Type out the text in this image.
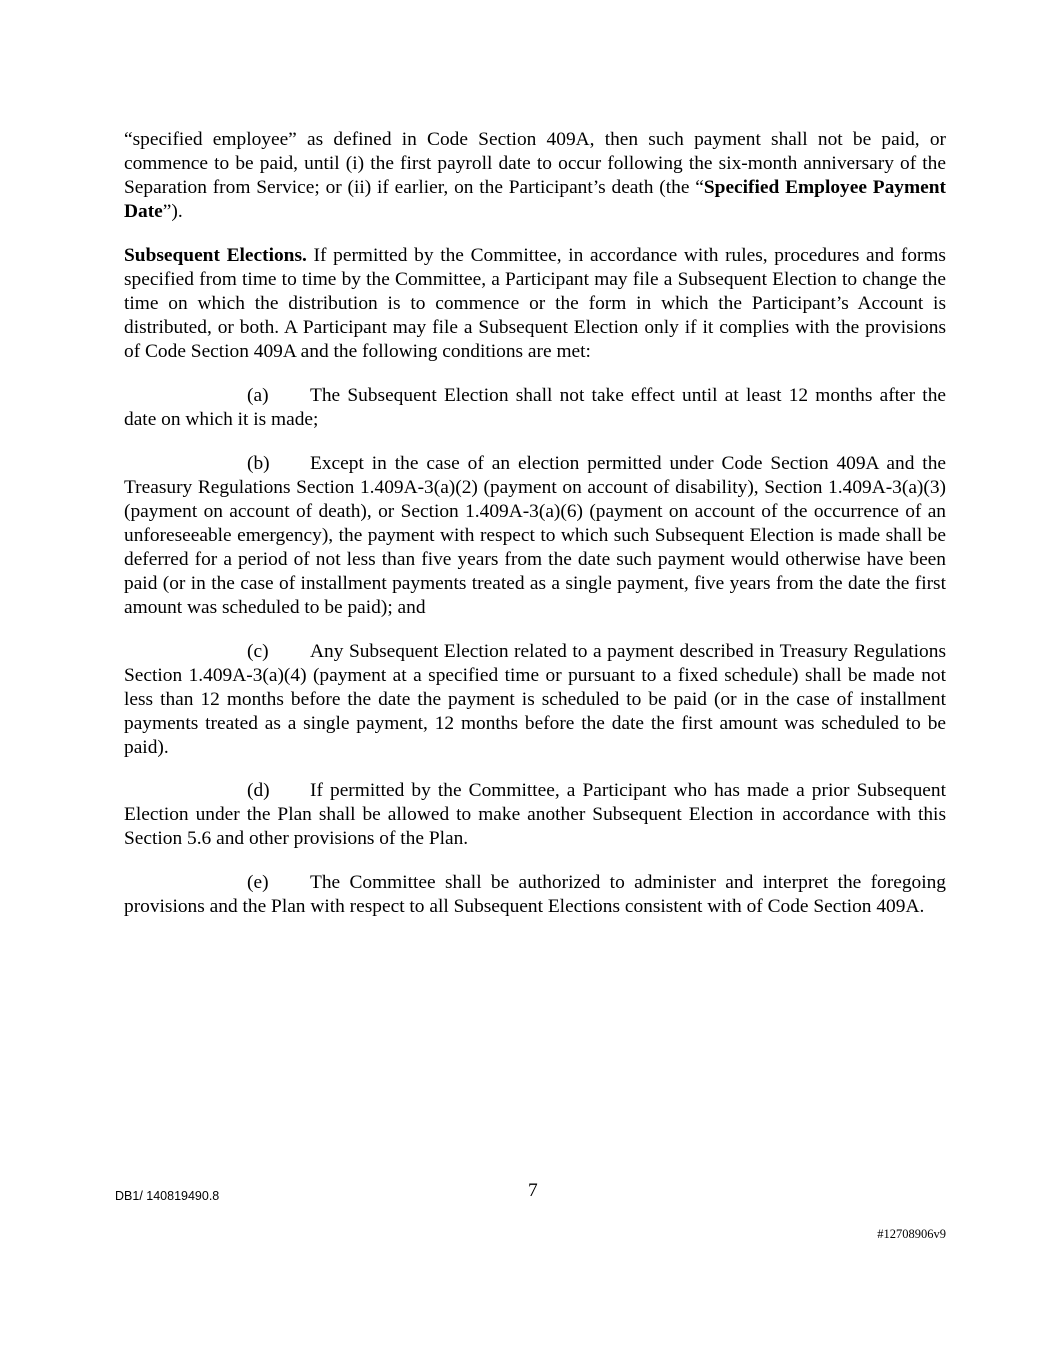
“specified employee” as defined in Code Section 409A, then such payment shall not be paid, or commence to be paid, until (i) the first payroll date to occur following the six-month anniversary of the Separation from Service; or (ii) if earlier, on the Participant’s death (the “Specified Employee Payment Date”).

Subsequent Elections. If permitted by the Committee, in accordance with rules, procedures and forms specified from time to time by the Committee, a Participant may file a Subsequent Election to change the time on which the distribution is to commence or the form in which the Participant’s Account is distributed, or both. A Participant may file a Subsequent Election only if it complies with the provisions of Code Section 409A and the following conditions are met:

(a) The Subsequent Election shall not take effect until at least 12 months after the date on which it is made;

(b) Except in the case of an election permitted under Code Section 409A and the Treasury Regulations Section 1.409A-3(a)(2) (payment on account of disability), Section 1.409A-3(a)(3) (payment on account of death), or Section 1.409A-3(a)(6) (payment on account of the occurrence of an unforeseeable emergency), the payment with respect to which such Subsequent Election is made shall be deferred for a period of not less than five years from the date such payment would otherwise have been paid (or in the case of installment payments treated as a single payment, five years from the date the first amount was scheduled to be paid); and

(c) Any Subsequent Election related to a payment described in Treasury Regulations Section 1.409A-3(a)(4) (payment at a specified time or pursuant to a fixed schedule) shall be made not less than 12 months before the date the payment is scheduled to be paid (or in the case of installment payments treated as a single payment, 12 months before the date the first amount was scheduled to be paid).

(d) If permitted by the Committee, a Participant who has made a prior Subsequent Election under the Plan shall be allowed to make another Subsequent Election in accordance with this Section 5.6 and other provisions of the Plan.

(e) The Committee shall be authorized to administer and interpret the foregoing provisions and the Plan with respect to all Subsequent Elections consistent with of Code Section 409A.

DB1/ 140819490.8	7
#12708906v9
